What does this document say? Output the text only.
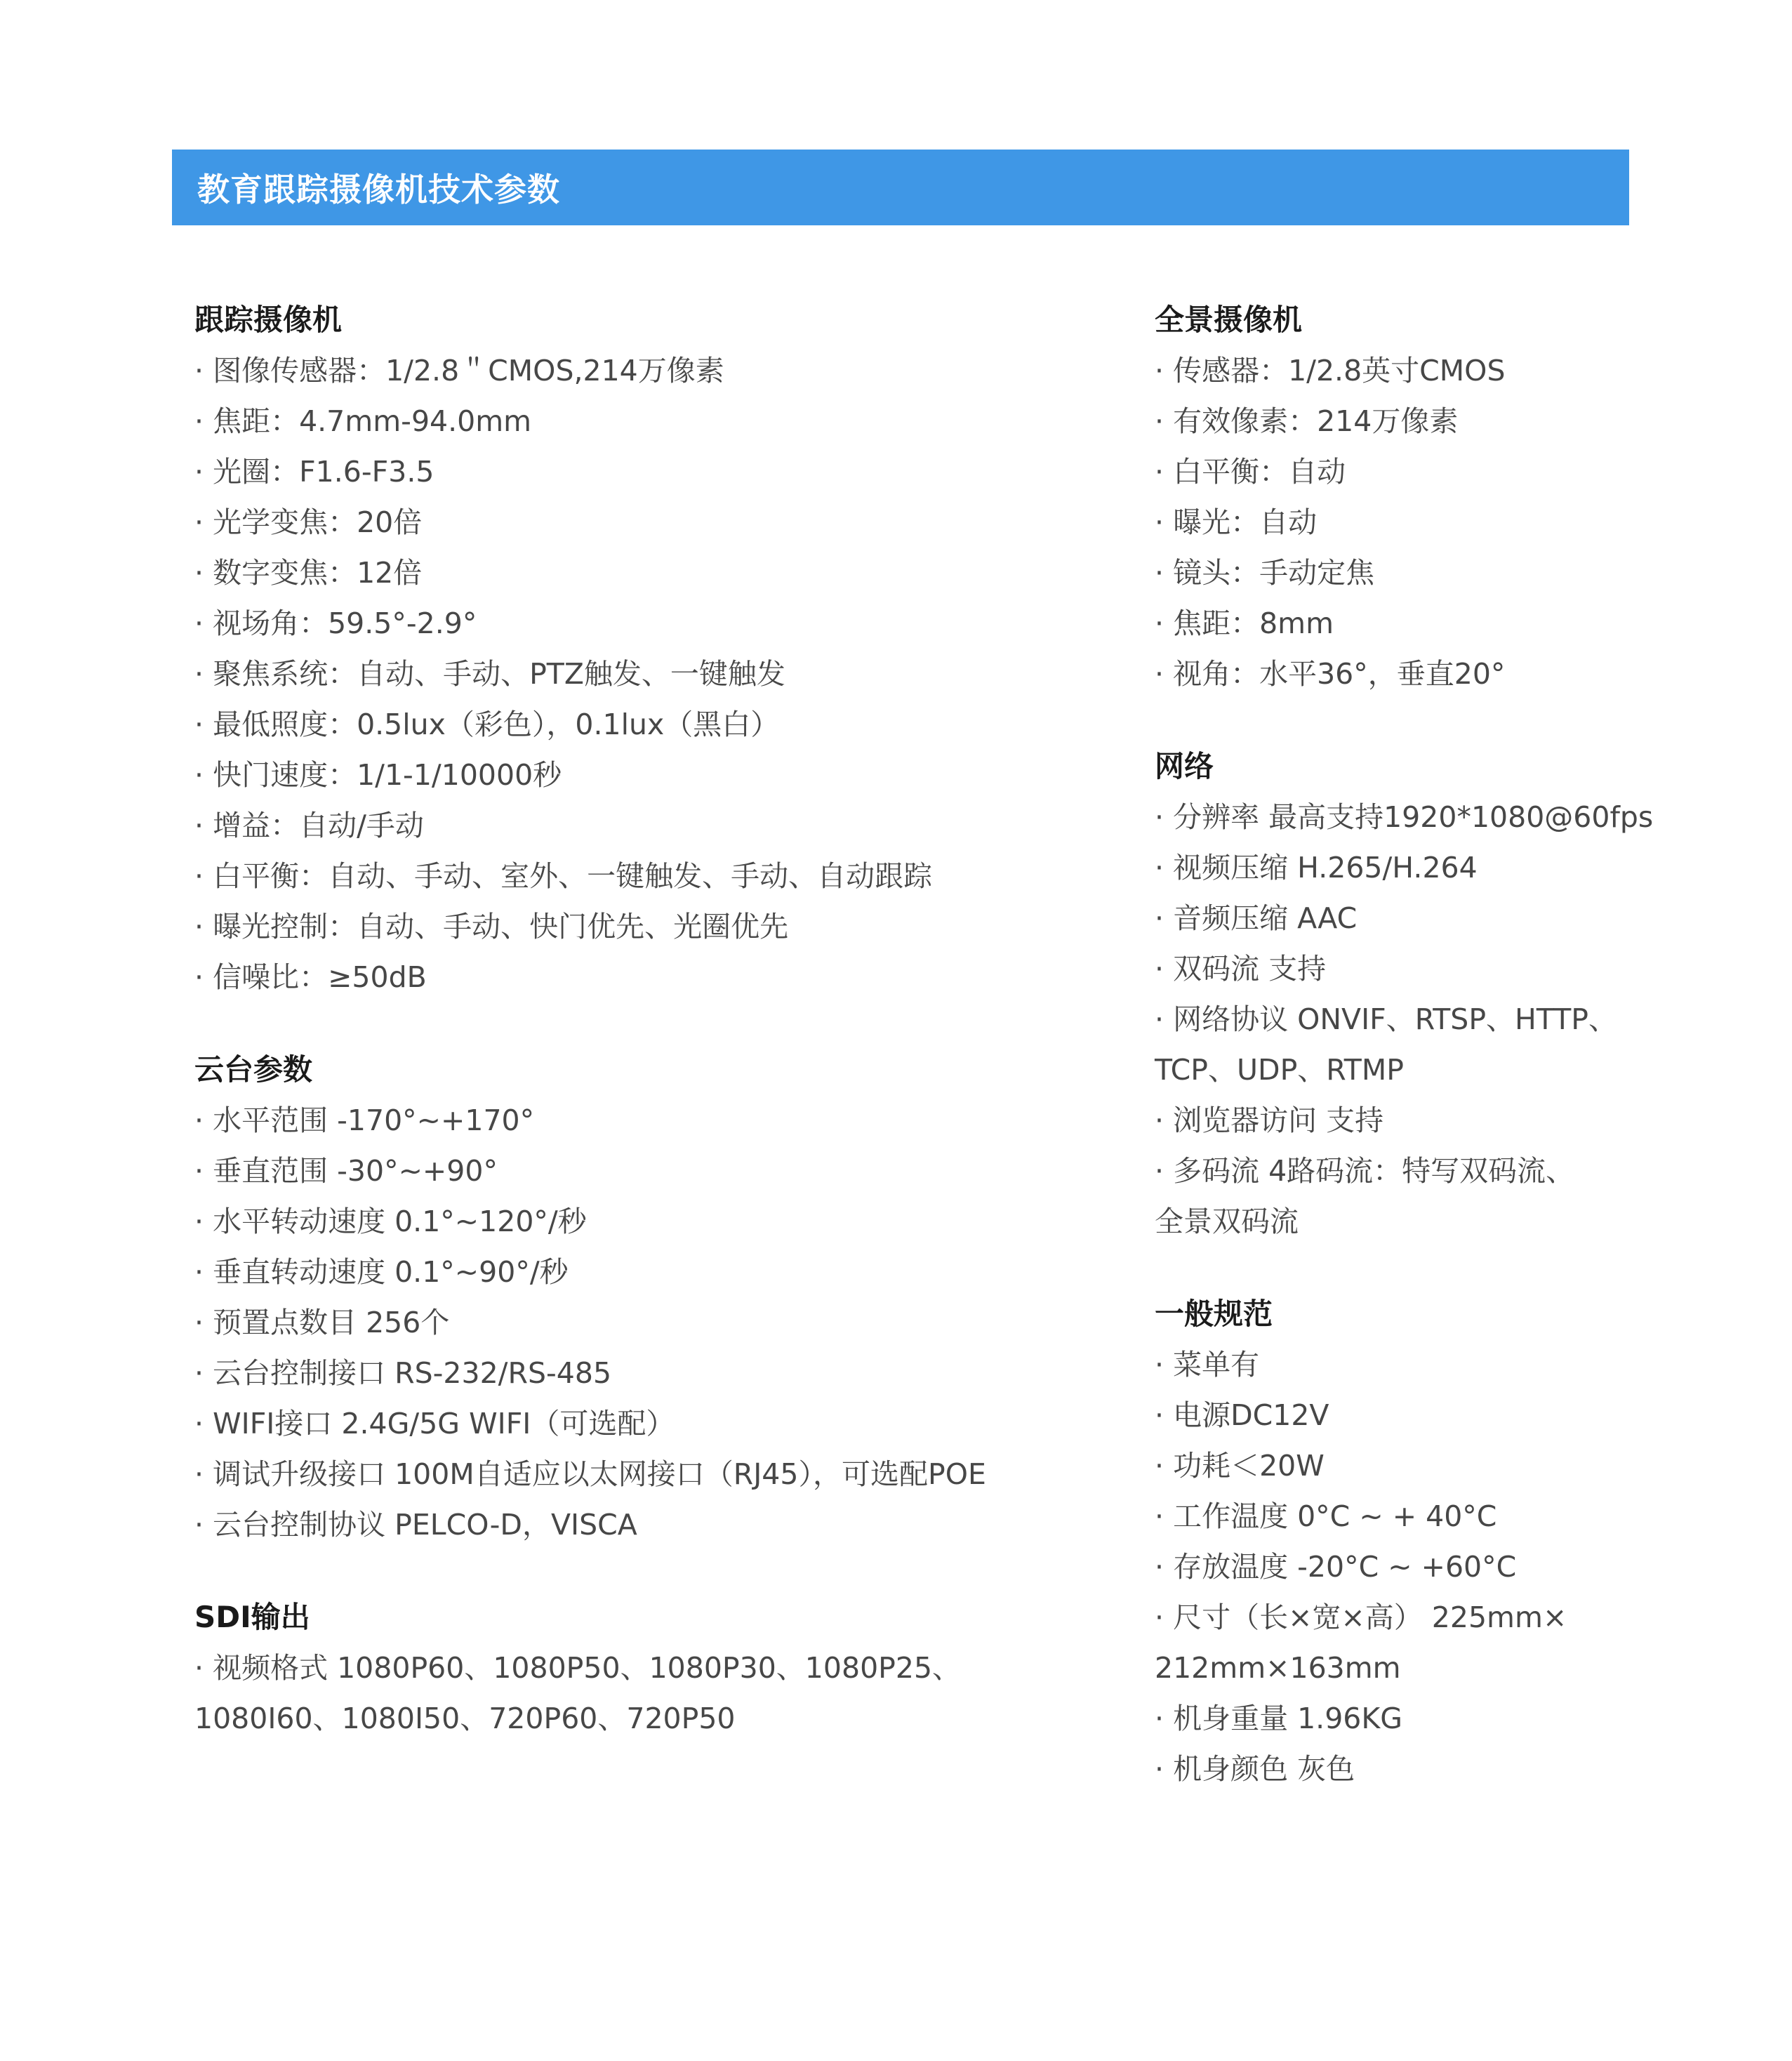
教育跟踪摄像机技术参数

跟踪摄像机

· 图像传感器：1/2.8＂CMOS,214万像素

· 焦距：4.7mm-94.0mm

· 光圈：F1.6-F3.5

· 光学变焦：20倍

· 数字变焦：12倍

· 视场角：59.5°-2.9°

· 聚焦系统：自动、手动、PTZ触发、一键触发

· 最低照度：0.5lux（彩色），0.1lux（黑白）

· 快门速度：1/1-1/10000秒

· 增益：自动/手动

· 白平衡：自动、手动、室外、一键触发、手动、自动跟踪

· 曝光控制：自动、手动、快门优先、光圈优先

· 信噪比：≥50dB

云台参数

· 水平范围 -170°~+170°

· 垂直范围 -30°~+90°

· 水平转动速度 0.1°~120°/秒

· 垂直转动速度 0.1°~90°/秒

· 预置点数目 256个

· 云台控制接口 RS-232/RS-485

· WIFI接口 2.4G/5G WIFI（可选配）

· 调试升级接口 100M自适应以太网接口（RJ45），可选配POE

· 云台控制协议 PELCO-D，VISCA

SDI输出

· 视频格式 1080P60、1080P50、1080P30、1080P25、

1080I60、1080I50、720P60、720P50

全景摄像机

· 传感器：1/2.8英寸CMOS

· 有效像素：214万像素

· 白平衡：自动

· 曝光：自动

· 镜头：手动定焦

· 焦距：8mm

· 视角：水平36°，垂直20°

网络

· 分辨率 最高支持1920*1080@60fps

· 视频压缩 H.265/H.264

· 音频压缩 AAC

· 双码流 支持

· 网络协议 ONVIF、RTSP、HTTP、

TCP、UDP、RTMP

· 浏览器访问 支持

· 多码流 4路码流：特写双码流、

全景双码流

一般规范

· 菜单有

· 电源DC12V

· 功耗＜20W

· 工作温度 0°C ~ + 40°C

· 存放温度 -20°C ~ +60°C

· 尺寸（长×宽×高） 225mm×

212mm×163mm

· 机身重量 1.96KG

· 机身颜色 灰色
